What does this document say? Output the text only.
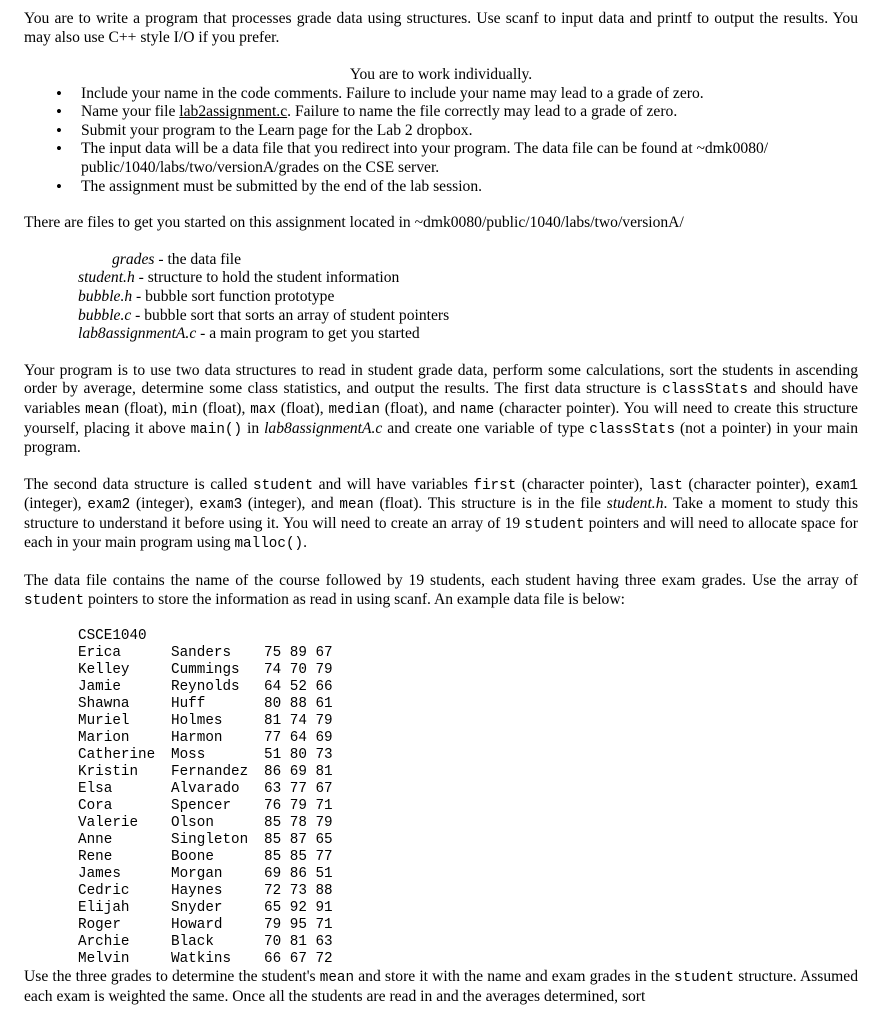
You are to write a program that processes grade data using structures. Use scanf to input data and printf to output the results. You may also use C++ style I/O if you prefer.

You are to work individually.
• Include your name in the code comments. Failure to include your name may lead to a grade of zero.
• Name your file lab2assignment.c. Failure to name the file correctly may lead to a grade of zero.
• Submit your program to the Learn page for the Lab 2 dropbox.
• The input data will be a data file that you redirect into your program. The data file can be found at ~dmk0080/ public/1040/labs/two/versionA/grades on the CSE server.
• The assignment must be submitted by the end of the lab session.

There are files to get you started on this assignment located in ~dmk0080/public/1040/labs/two/versionA/

grades - the data file
student.h - structure to hold the student information
bubble.h - bubble sort function prototype
bubble.c - bubble sort that sorts an array of student pointers
lab8assignmentA.c - a main program to get you started

Your program is to use two data structures to read in student grade data, perform some calculations, sort the students in ascending order by average, determine some class statistics, and output the results. The first data structure is classStats and should have variables mean (float), min (float), max (float), median (float), and name (character pointer). You will need to create this structure yourself, placing it above main() in lab8assignmentA.c and create one variable of type classStats (not a pointer) in your main program.

The second data structure is called student and will have variables first (character pointer), last (character pointer), exam1 (integer), exam2 (integer), exam3 (integer), and mean (float). This structure is in the file student.h. Take a moment to study this structure to understand it before using it. You will need to create an array of 19 student pointers and will need to allocate space for each in your main program using malloc().

The data file contains the name of the course followed by 19 students, each student having three exam grades. Use the array of student pointers to store the information as read in using scanf. An example data file is below:

CSCE1040		
Erica	Sanders	75 89 67
Kelley	Cummings	74 70 79
Jamie	Reynolds	64 52 66
Shawna	Huff	80 88 61
Muriel	Holmes	81 74 79
Marion	Harmon	77 64 69
Catherine	Moss	51 80 73
Kristin	Fernandez	86 69 81
Elsa	Alvarado	63 77 67
Cora	Spencer	76 79 71
Valerie	Olson	85 78 79
Anne	Singleton	85 87 65
Rene	Boone	85 85 77
James	Morgan	69 86 51
Cedric	Haynes	72 73 88
Elijah	Snyder	65 92 91
Roger	Howard	79 95 71
Archie	Black	70 81 63
Melvin	Watkins	66 67 72

Use the three grades to determine the student's mean and store it with the name and exam grades in the student structure. Assumed each exam is weighted the same. Once all the students are read in and the averages determined, sort
